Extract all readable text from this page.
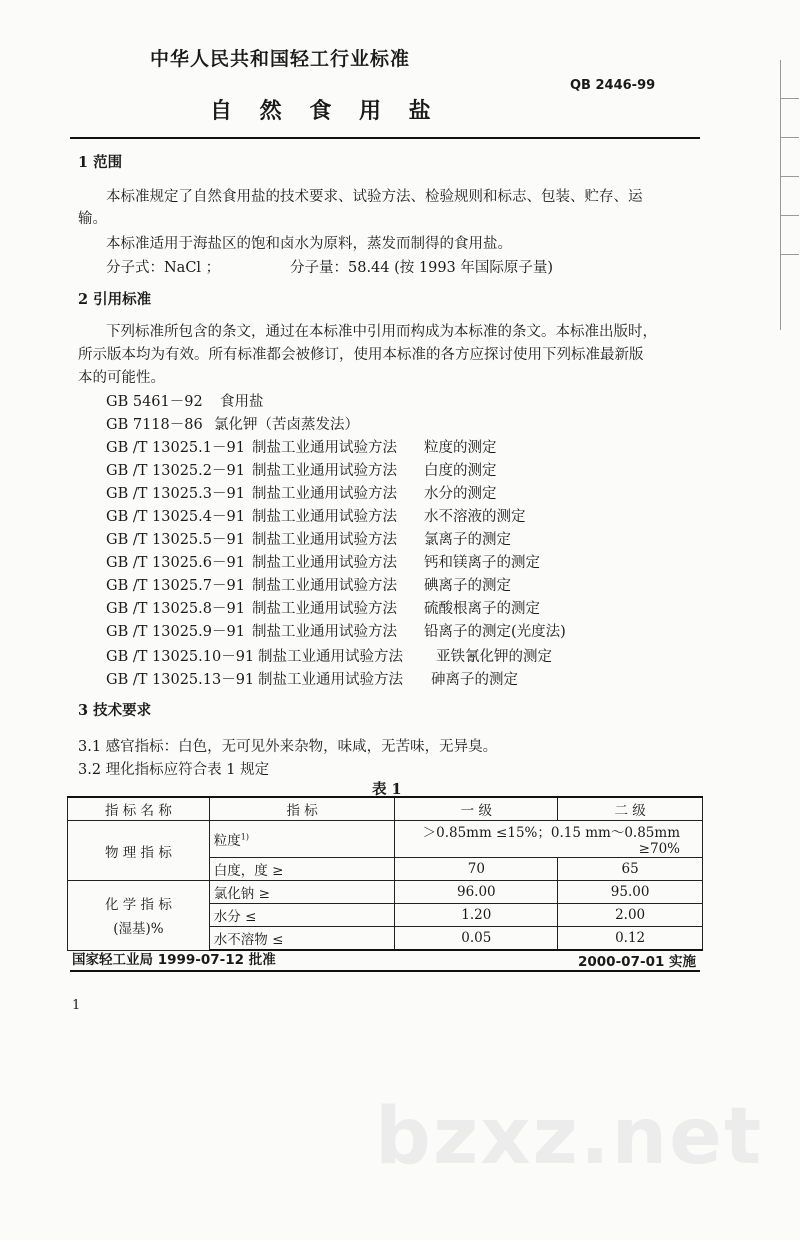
中华人民共和国轻工行业标准
QB 2446-99
自 然 食 用 盐
1 范围
本标准规定了自然食用盐的技术要求、试验方法、检验规则和标志、包装、贮存、运
输。
本标准适用于海盐区的饱和卤水为原料，蒸发而制得的食用盐。
分子式：NaCl ；	分子量：58.44 (按 1993 年国际原子量)
2 引用标准
下列标准所包含的条文，通过在本标准中引用而构成为本标准的条文。本标准出版时，
所示版本均为有效。所有标准都会被修订，使用本标准的各方应探讨使用下列标准最新版
本的可能性。
GB 5461－92 食用盐
GB 7118－86 氯化钾（苦卤蒸发法）
GB /T 13025.1－91 制盐工业通用试验方法 粒度的测定
GB /T 13025.2－91 制盐工业通用试验方法 白度的测定
GB /T 13025.3－91 制盐工业通用试验方法 水分的测定
GB /T 13025.4－91 制盐工业通用试验方法 水不溶液的测定
GB /T 13025.5－91 制盐工业通用试验方法 氯离子的测定
GB /T 13025.6－91 制盐工业通用试验方法 钙和镁离子的测定
GB /T 13025.7－91 制盐工业通用试验方法 碘离子的测定
GB /T 13025.8－91 制盐工业通用试验方法 硫酸根离子的测定
GB /T 13025.9－91 制盐工业通用试验方法 铅离子的测定(光度法)
GB /T 13025.10－91 制盐工业通用试验方法 亚铁氰化钾的测定
GB /T 13025.13－91 制盐工业通用试验方法 砷离子的测定
3 技术要求
3.1 感官指标：白色，无可见外来杂物，味咸，无苦味，无异臭。
3.2 理化指标应符合表 1 规定
表 1
指 标 名 称	指 标	一 级	二 级
物 理 指 标	粒度$^{1)}$	＞0.85mm ≤15%；0.15 mm～0.85mm ≥70%	
	白度，度 ≥	70	65

化 学 指 标
(湿基)%	氯化钠 ≥	96.00	95.00
	水分 ≤	1.20	2.00
	水不溶物 ≤	0.05	0.12
国家轻工业局 1999-07-12 批准	2000-07-01 实施
1
bzxz.net
